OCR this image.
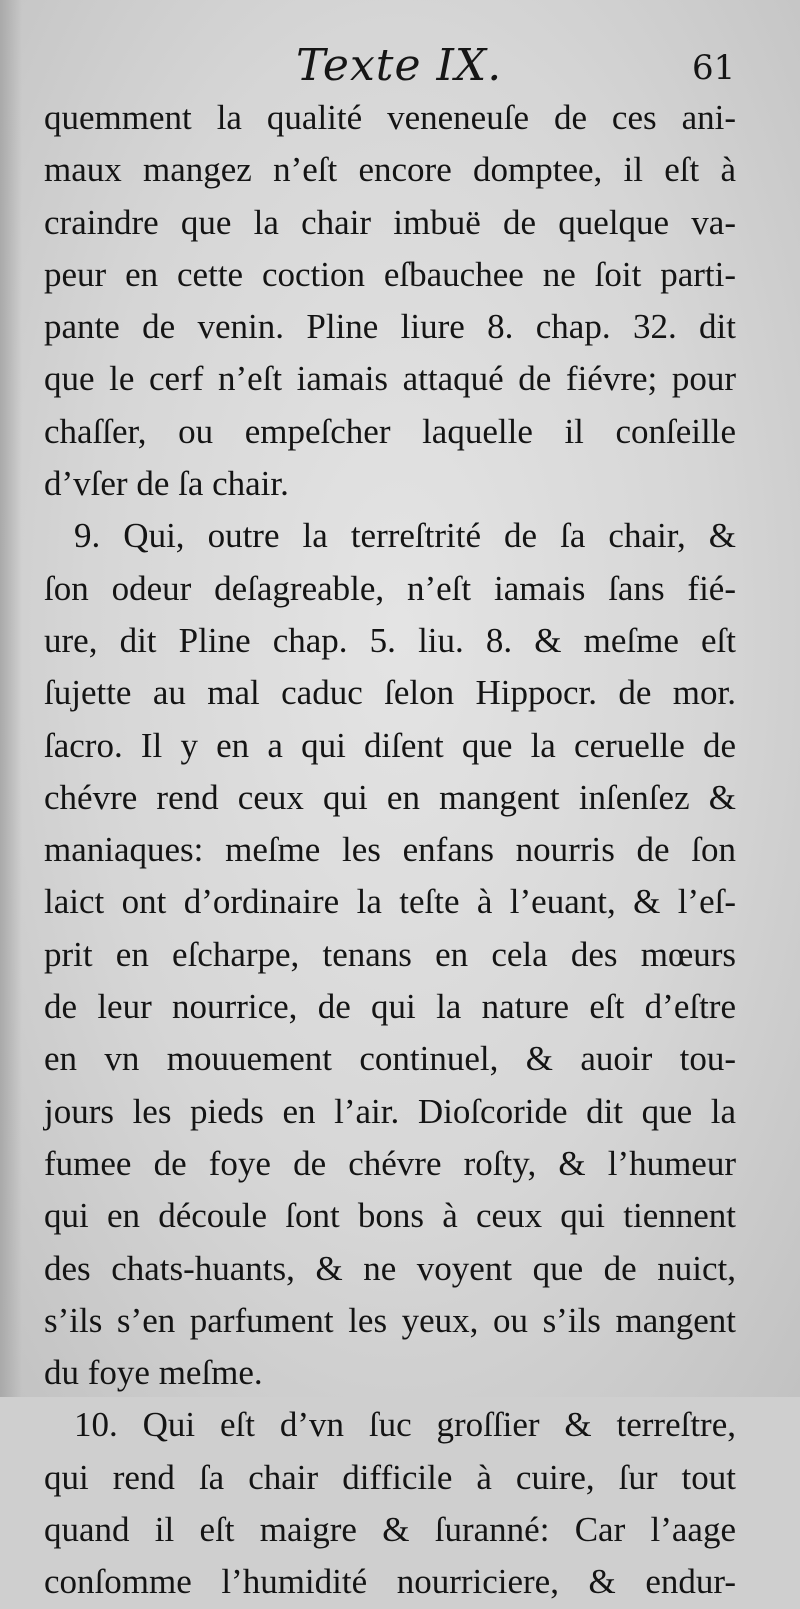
Texte IX.	61
quemment la qualité veneneuſe de ces ani-
maux mangez n’eſt encore domptee, il eſt à
craindre que la chair imbuë de quelque va-
peur en cette coction eſbauchee ne ſoit parti-
pante de venin. Pline liure 8. chap. 32. dit
que le cerf n’eſt iamais attaqué de fiévre; pour
chaſſer, ou empeſcher laquelle il conſeille
d’vſer de ſa chair.
9. Qui, outre la terreſtrité de ſa chair, &
ſon odeur deſagreable, n’eſt iamais ſans fié-
ure, dit Pline chap. 5. liu. 8. & meſme eſt
ſujette au mal caduc ſelon Hippocr. de mor.
ſacro. Il y en a qui diſent que la ceruelle de
chévre rend ceux qui en mangent inſenſez &
maniaques: meſme les enfans nourris de ſon
laict ont d’ordinaire la teſte à l’euant, & l’eſ-
prit en eſcharpe, tenans en cela des mœurs
de leur nourrice, de qui la nature eſt d’eſtre
en vn mouuement continuel, & auoir tou-
jours les pieds en l’air. Dioſcoride dit que la
fumee de foye de chévre roſty, & l’humeur
qui en découle ſont bons à ceux qui tiennent
des chats-huants, & ne voyent que de nuict,
s’ils s’en parfument les yeux, ou s’ils mangent
du foye meſme.
10. Qui eſt d’vn ſuc groſſier & terreſtre,
qui rend ſa chair difficile à cuire, ſur tout
quand il eſt maigre & ſuranné: Car l’aage
conſomme l’humidité nourriciere, & endur-
